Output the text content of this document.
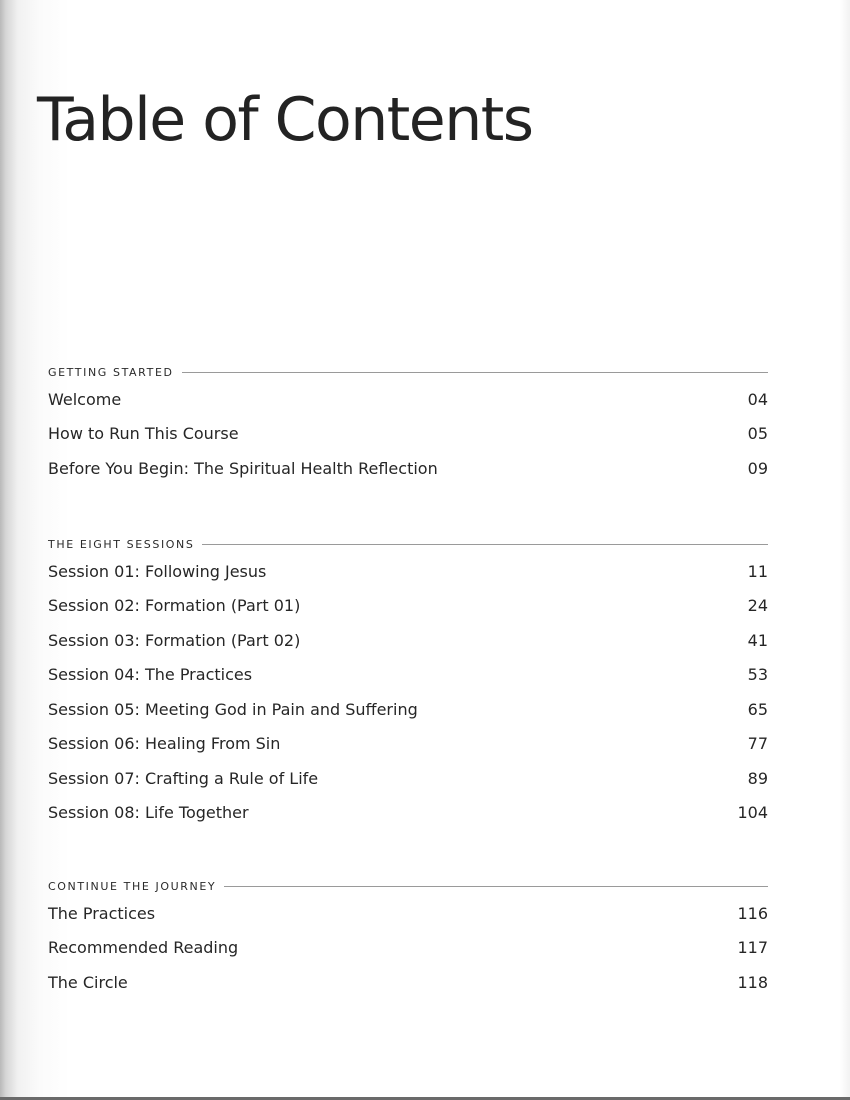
Table of Contents
GETTING STARTED
Welcome	04
How to Run This Course	05
Before You Begin: The Spiritual Health Reflection	09
THE EIGHT SESSIONS
Session 01: Following Jesus	11
Session 02: Formation (Part 01)	24
Session 03: Formation (Part 02)	41
Session 04: The Practices	53
Session 05: Meeting God in Pain and Suffering	65
Session 06: Healing From Sin	77
Session 07: Crafting a Rule of Life	89
Session 08: Life Together	104
CONTINUE THE JOURNEY
The Practices	116
Recommended Reading	117
The Circle	118
